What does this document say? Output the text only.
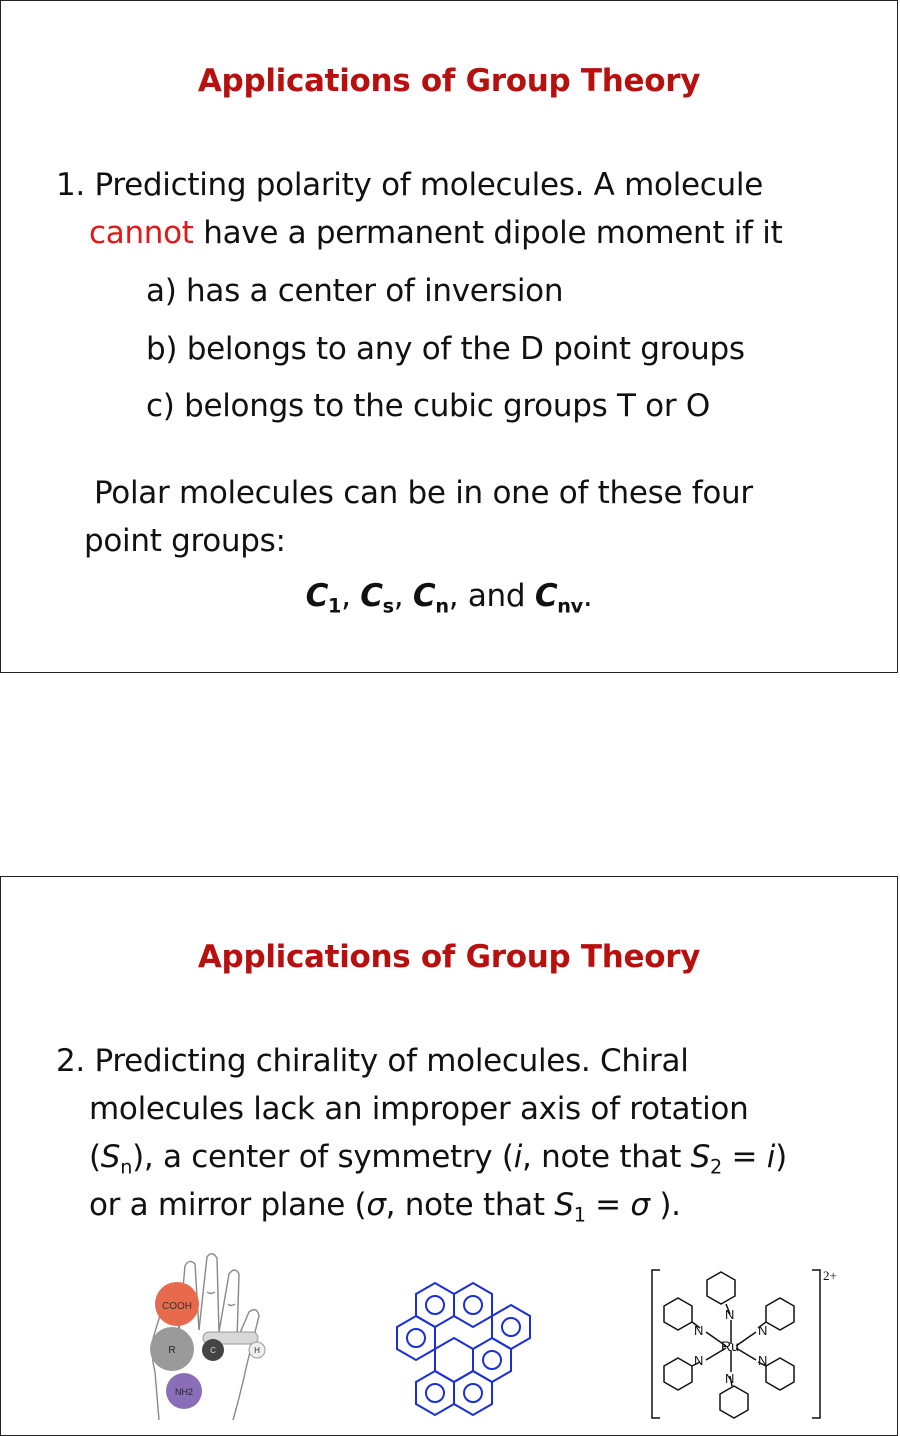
Applications of Group Theory
1. Predicting polarity of molecules. A molecule
cannot have a permanent dipole moment if it
a) has a center of inversion
b) belongs to any of the D point groups
c) belongs to the cubic groups T or O
Polar molecules can be in one of these four
point groups:
$C_1$, $C_s$, $C_n$, and $C_{nv}$.
Applications of Group Theory
2. Predicting chirality of molecules. Chiral
molecules lack an improper axis of rotation
$(S_n)$, a center of symmetry (i, note that $S_2 = i$)
or a mirror plane (σ, note that $S_1 = \sigma$ ).
COOH
R	C	H
NH2
N
N	N
N	N
N
Ru
2+
